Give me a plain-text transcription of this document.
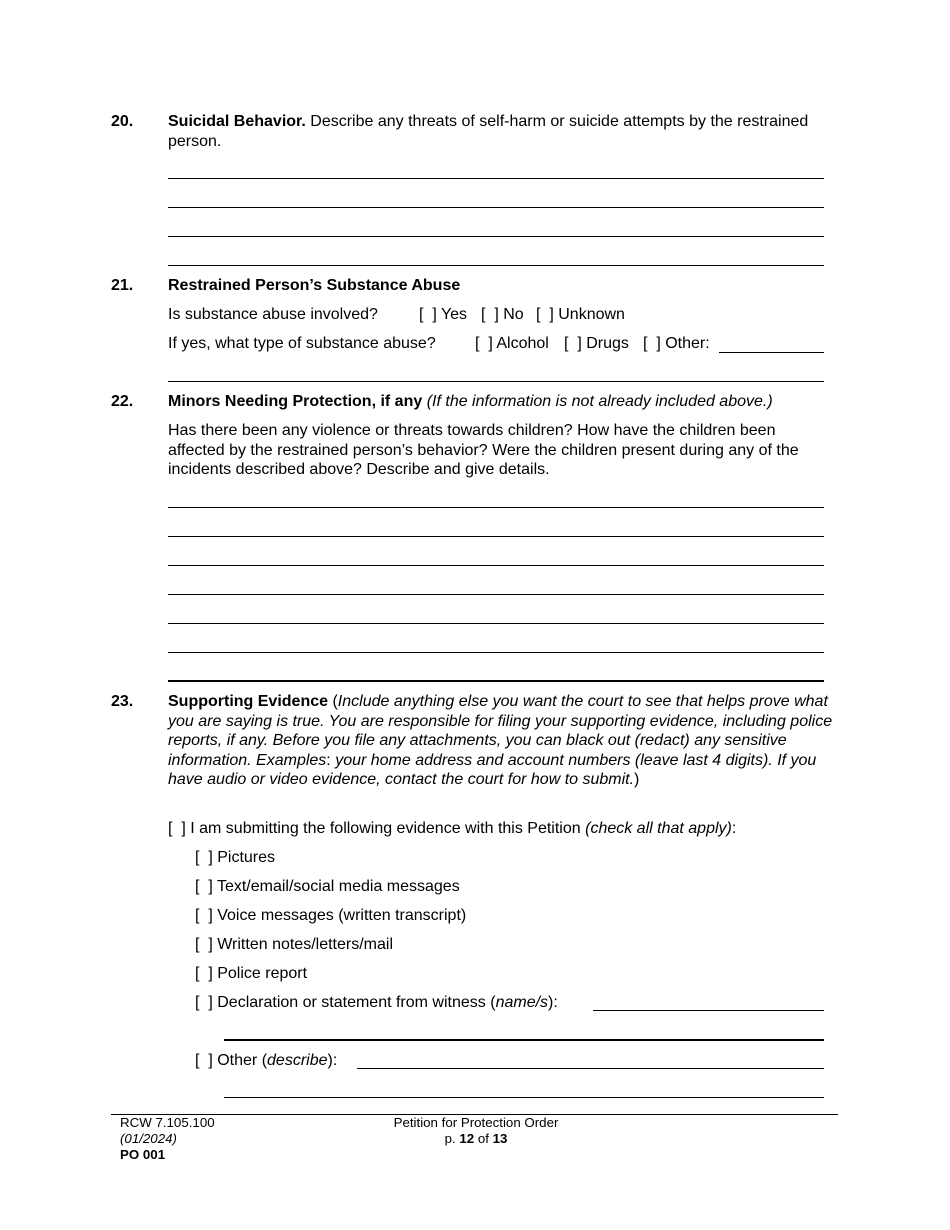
20. Suicidal Behavior. Describe any threats of self-harm or suicide attempts by the restrained person.
21. Restrained Person’s Substance Abuse
Is substance abuse involved?	[  ] Yes [  ] No [  ] Unknown
If yes, what type of substance abuse? [  ] Alcohol [  ] Drugs [  ] Other:
22. Minors Needing Protection, if any (If the information is not already included above.)
Has there been any violence or threats towards children? How have the children been affected by the restrained person’s behavior? Were the children present during any of the incidents described above? Describe and give details.
23. Supporting Evidence (Include anything else you want the court to see that helps prove what you are saying is true. You are responsible for filing your supporting evidence, including police reports, if any. Before you file any attachments, you can black out (redact) any sensitive information. Examples: your home address and account numbers (leave last 4 digits). If you have audio or video evidence, contact the court for how to submit.)
[  ] I am submitting the following evidence with this Petition (check all that apply):
[  ] Pictures
[  ] Text/email/social media messages
[  ] Voice messages (written transcript)
[  ] Written notes/letters/mail
[  ] Police report
[  ] Declaration or statement from witness (name/s):
[  ] Other (describe):
RCW 7.105.100
(01/2024)
PO 001
Petition for Protection Order
p. 12 of 13
